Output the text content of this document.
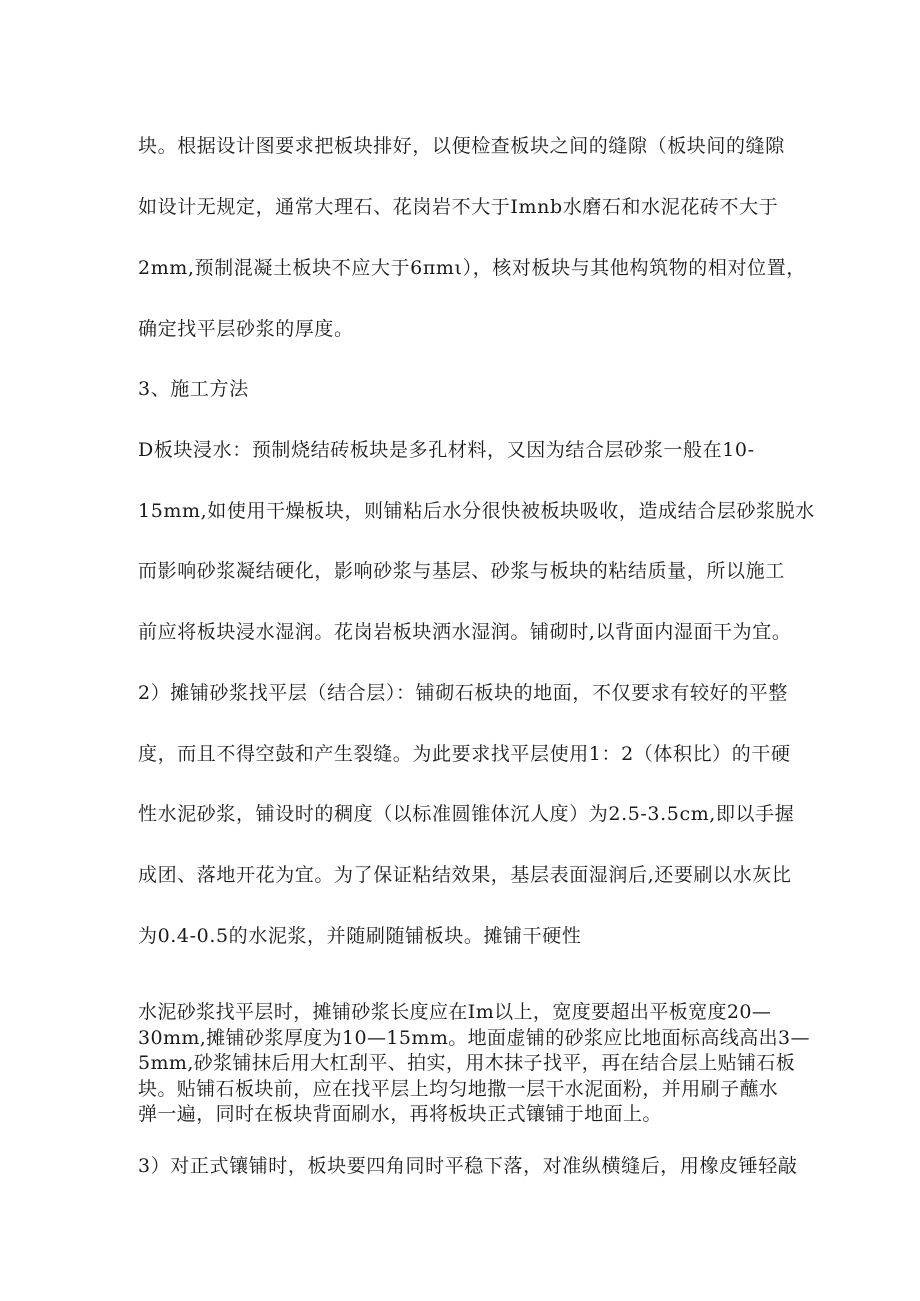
块。根据设计图要求把板块排好，以便检查板块之间的缝隙（板块间的缝隙
如设计无规定，通常大理石、花岗岩不大于Imnb水磨石和水泥花砖不大于
2mm,预制混凝土板块不应大于6πmι），核对板块与其他构筑物的相对位置，
确定找平层砂浆的厚度。
3、施工方法
D板块浸水：预制烧结砖板块是多孔材料，又因为结合层砂浆一般在10-
15mm,如使用干燥板块，则铺粘后水分很快被板块吸收，造成结合层砂浆脱水
而影响砂浆凝结硬化，影响砂浆与基层、砂浆与板块的粘结质量，所以施工
前应将板块浸水湿润。花岗岩板块洒水湿润。铺砌时,以背面内湿面干为宜。
2）摊铺砂浆找平层（结合层）：铺砌石板块的地面，不仅要求有较好的平整
度，而且不得空鼓和产生裂缝。为此要求找平层使用1：2（体积比）的干硬
性水泥砂浆，铺设时的稠度（以标准圆锥体沉人度）为2.5-3.5cm,即以手握
成团、落地开花为宜。为了保证粘结效果，基层表面湿润后,还要刷以水灰比
为0.4-0.5的水泥浆，并随刷随铺板块。摊铺干硬性
水泥砂浆找平层时，摊铺砂浆长度应在Im以上，宽度要超出平板宽度20—
30mm,摊铺砂浆厚度为10—15mm。地面虚铺的砂浆应比地面标高线高出3—
5mm,砂浆铺抹后用大杠刮平、拍实，用木抹子找平，再在结合层上贴铺石板
块。贴铺石板块前，应在找平层上均匀地撒一层干水泥面粉，并用刷子蘸水
弹一遍，同时在板块背面刷水，再将板块正式镶铺于地面上。
3）对正式镶铺时，板块要四角同时平稳下落，对准纵横缝后，用橡皮锤轻敲
